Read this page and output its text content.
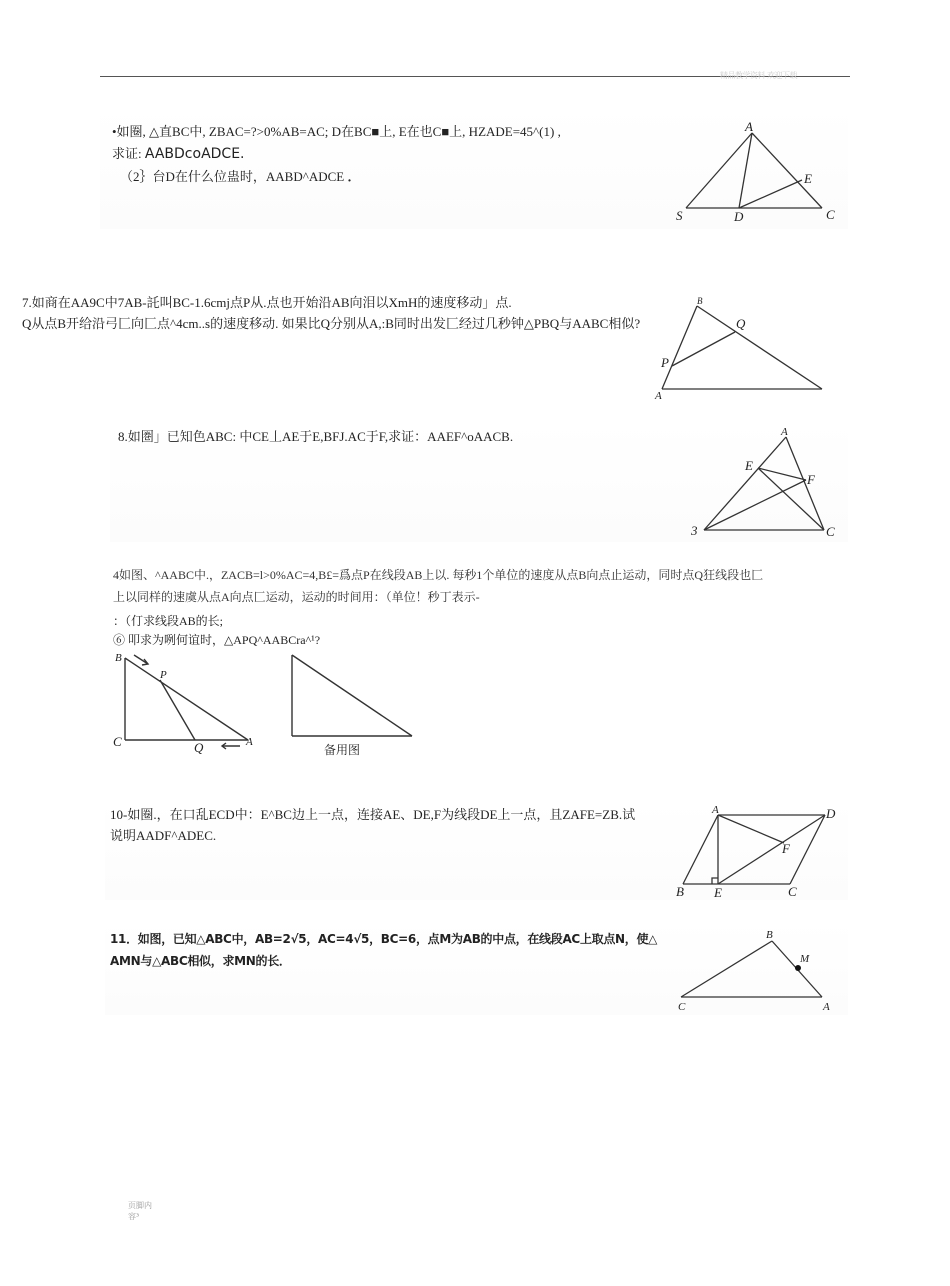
精品教学资料 欢迎下载
•如圈, △直BC中, ZBAC=?>0%AB=AC; D在BC■上, E在也C■上, HZADE=45^(1) ,
求证: AABDcoADCE.
（2｝台D在什么位蛊时，AABD^ADCE ．
A
S	D	C
E
7.如商在AA9C中7AB-託叫BC-1.6cmj点P从.点也开始沿AB向泪以XmH的速度移动」点.
Q从点B开给沿弓匚向匚点^4cm..s的速度移动. 如果比Q分别从A,:B同时出发匚经过几秒钟△PBQ与AABC相似?
B
Q
P
A
8.如圏」已知色ABC: 中CE丄AE于E,BFJ.AC于F,求证：AAEF^oAACB.	A
E
F
3	C
4如图、^AABC中.，ZACB=l>0%AC=4,B£=爲点P在线段AB上以. 每秒1个单位的速度从点B向点止运动，同时点Q狂线段也匚
上以同样的速虞从点A向点匚运动，运动的时间用：（单位！秒丁表示-
：（仃求线段AB的长;
⑥ 叩求为咧何谊时，△APQ^AABCra^¹?
B
P
C	Q	A
备用图
10-如圈.，在口乱ECD中：E^BC边上一点，连接AE、DE,F为线段DE上一点，且ZAFE=ZB.试
说明AADF^ADEC.
A	D
F
B E	C
11．如图，已知△ABC中，AB=2√5，AC=4√5，BC=6，点M为AB的中点，在线段AC上取点N，使△
AMN与△ABC相似，求MN的长．
B
M
C	A
页脚内
容³
